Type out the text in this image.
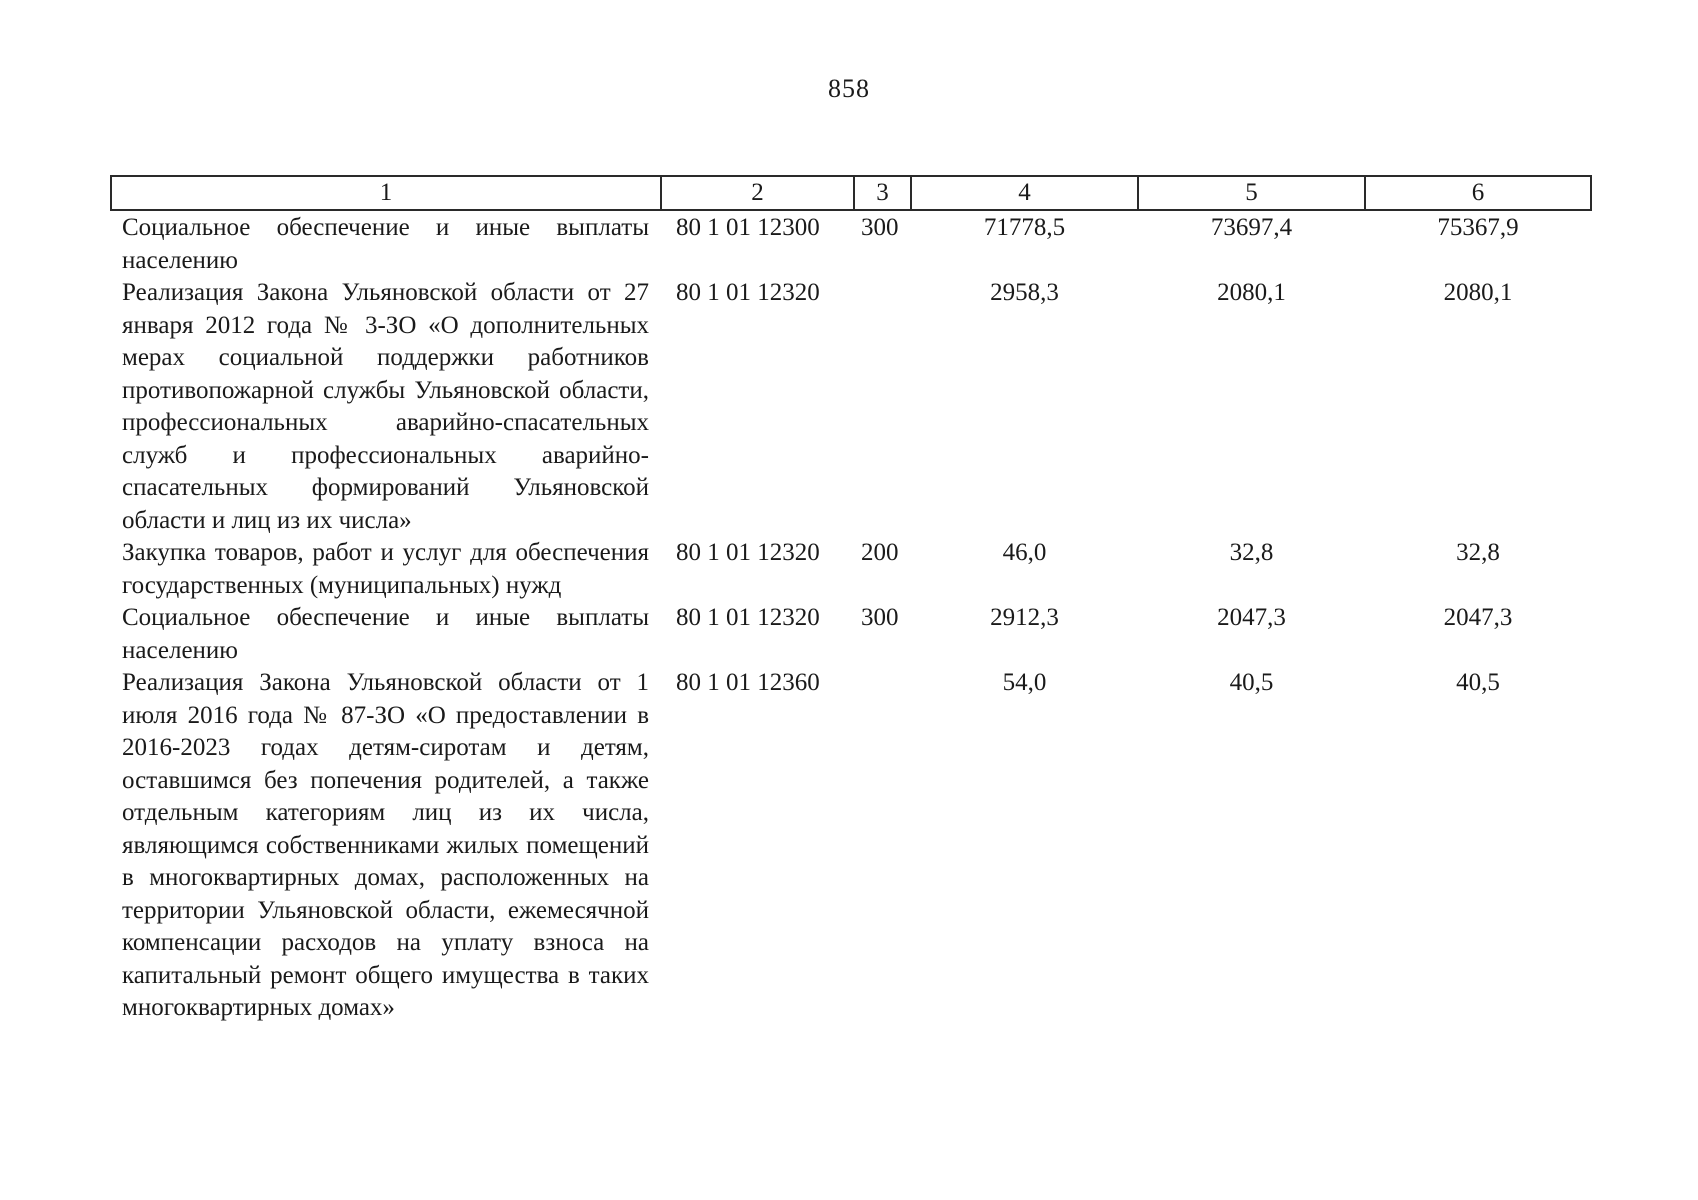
858
1	2	3	4	5	6
Социальное обеспечение и иные выплаты населению	80 1 01 12300	300	71778,5	73697,4	75367,9
Реализация Закона Ульяновской области от 27 января 2012 года № 3-ЗО «О дополнительных мерах социальной поддержки работников противопожарной службы Ульяновской области, профессиональных аварийно-спасательных служб и профессиональных аварийно-спасательных формирований Ульяновской области и лиц из их числа»	80 1 01 12320		2958,3	2080,1	2080,1
Закупка товаров, работ и услуг для обеспечения государственных (муниципальных) нужд	80 1 01 12320	200	46,0	32,8	32,8
Социальное обеспечение и иные выплаты населению	80 1 01 12320	300	2912,3	2047,3	2047,3
Реализация Закона Ульяновской области от 1 июля 2016 года № 87-ЗО «О предоставлении в 2016-2023 годах детям-сиротам и детям, оставшимся без попечения родителей, а также отдельным категориям лиц из их числа, являющимся собственниками жилых помещений в многоквартирных домах, расположенных на территории Ульяновской области, ежемесячной компенсации расходов на уплату взноса на капитальный ремонт общего имущества в таких многоквартирных домах»	80 1 01 12360		54,0	40,5	40,5
